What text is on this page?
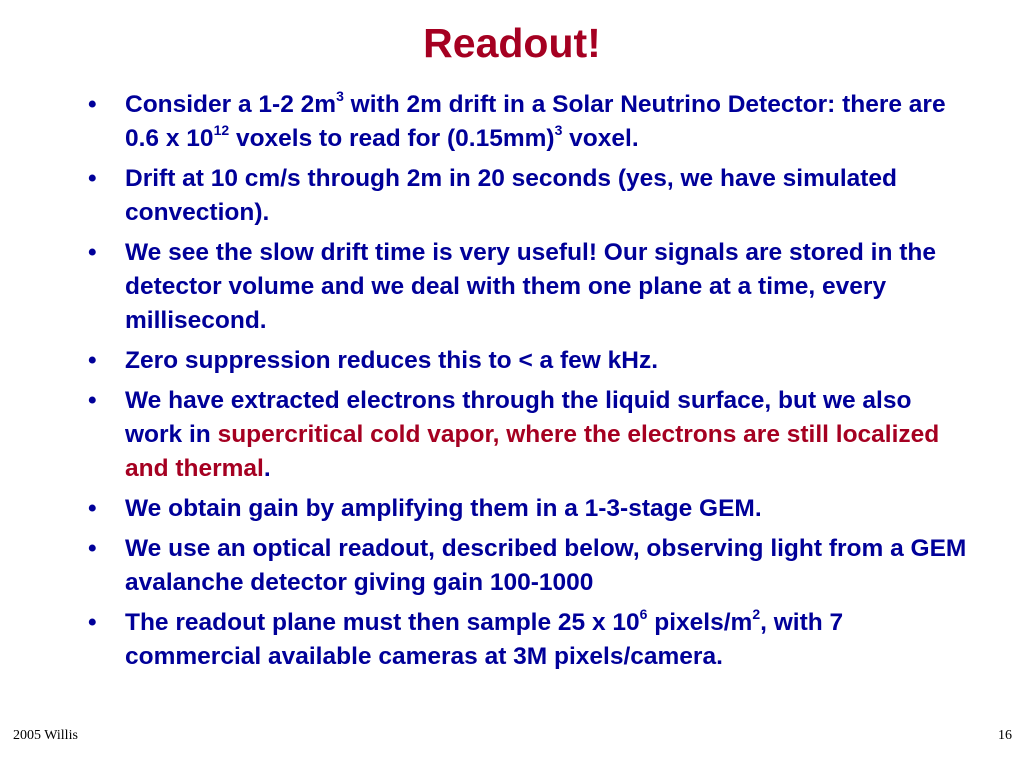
Readout!
• Consider a 1-2 $2m^3$ with 2m drift in a Solar Neutrino Detector: there are 0.6 x $10^{12}$ voxels to read for $(0.15mm)^3$ voxel.
• Drift at 10 cm/s through 2m in 20 seconds (yes, we have simulated convection).
• We see the slow drift time is very useful! Our signals are stored in the detector volume and we deal with them one plane at a time, every millisecond.
• Zero suppression reduces this to < a few kHz.
• We have extracted electrons through the liquid surface, but we also work in supercritical cold vapor, where the electrons are still localized and thermal.
• We obtain gain by amplifying them in a 1-3-stage GEM.
• We use an optical readout, described below, observing light from a GEM avalanche detector giving gain 100-1000
• The readout plane must then sample 25 x $10^6$ pixels/$m^2$, with 7 commercial available cameras at 3M pixels/camera.
2005 Willis	16
